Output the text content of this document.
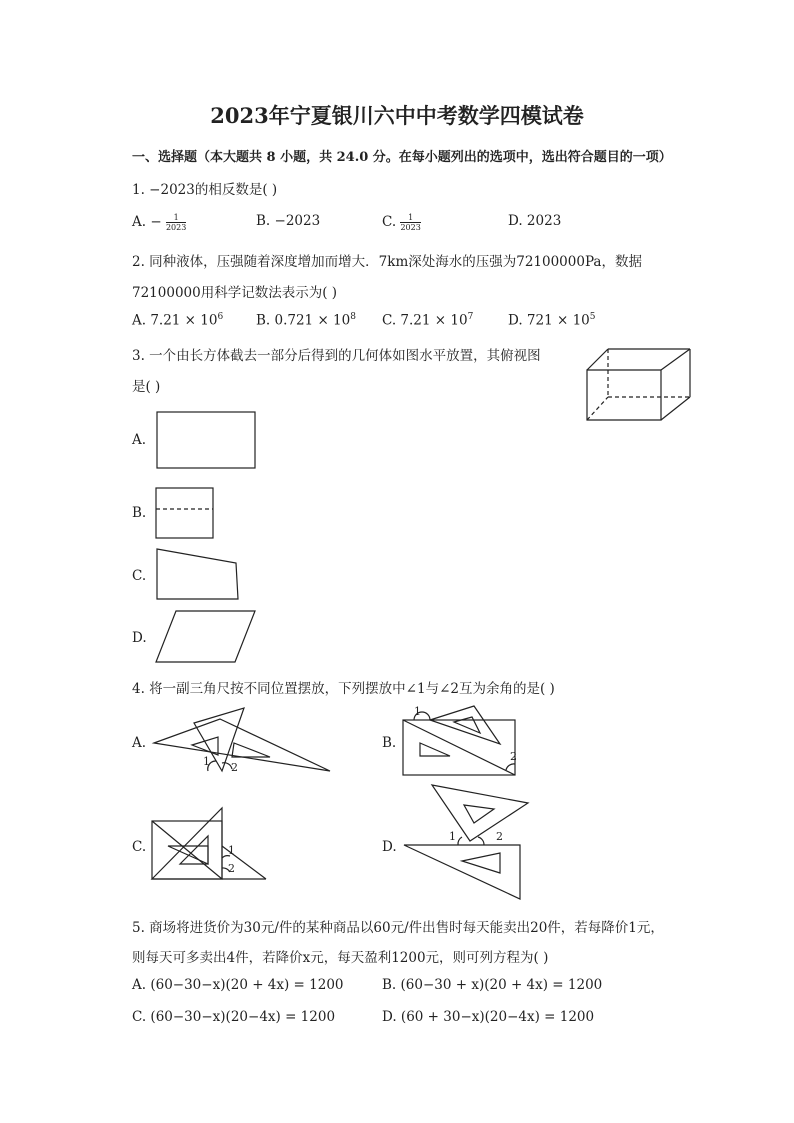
2023年宁夏银川六中中考数学四模试卷
一、选择题（本大题共 8 小题，共 24.0 分。在每小题列出的选项中，选出符合题目的一项）
1. −2023的相反数是( )
A. − $\frac{1}{2023}$	B. −2023	C. $\frac{1}{2023}$	D. 2023
2. 同种液体，压强随着深度增加而增大．7km深处海水的压强为72100000Pa，数据
72100000用科学记数法表示为( )
A. $7.21 \times 10^6$ B. $0.721 \times 10^8$ C. $7.21 \times 10^7$	D. $721 \times 10^5$
3. 一个由长方体截去一部分后得到的几何体如图水平放置，其俯视图
是( )
A.
B.
C.
D.
4. 将一副三角尺按不同位置摆放，下列摆放中∠1与∠2互为余角的是( )
A.
1 2
B.
1
2
C.	1
2
D.
1	2
5. 商场将进货价为30元/件的某种商品以60元/件出售时每天能卖出20件，若每降价1元，
则每天可多卖出4件，若降价x元，每天盈利1200元，则可列方程为( )
A. (60−30−x)(20 + 4x) = 1200	B. (60−30 + x)(20 + 4x) = 1200
C. (60−30−x)(20−4x) = 1200	D. (60 + 30−x)(20−4x) = 1200
